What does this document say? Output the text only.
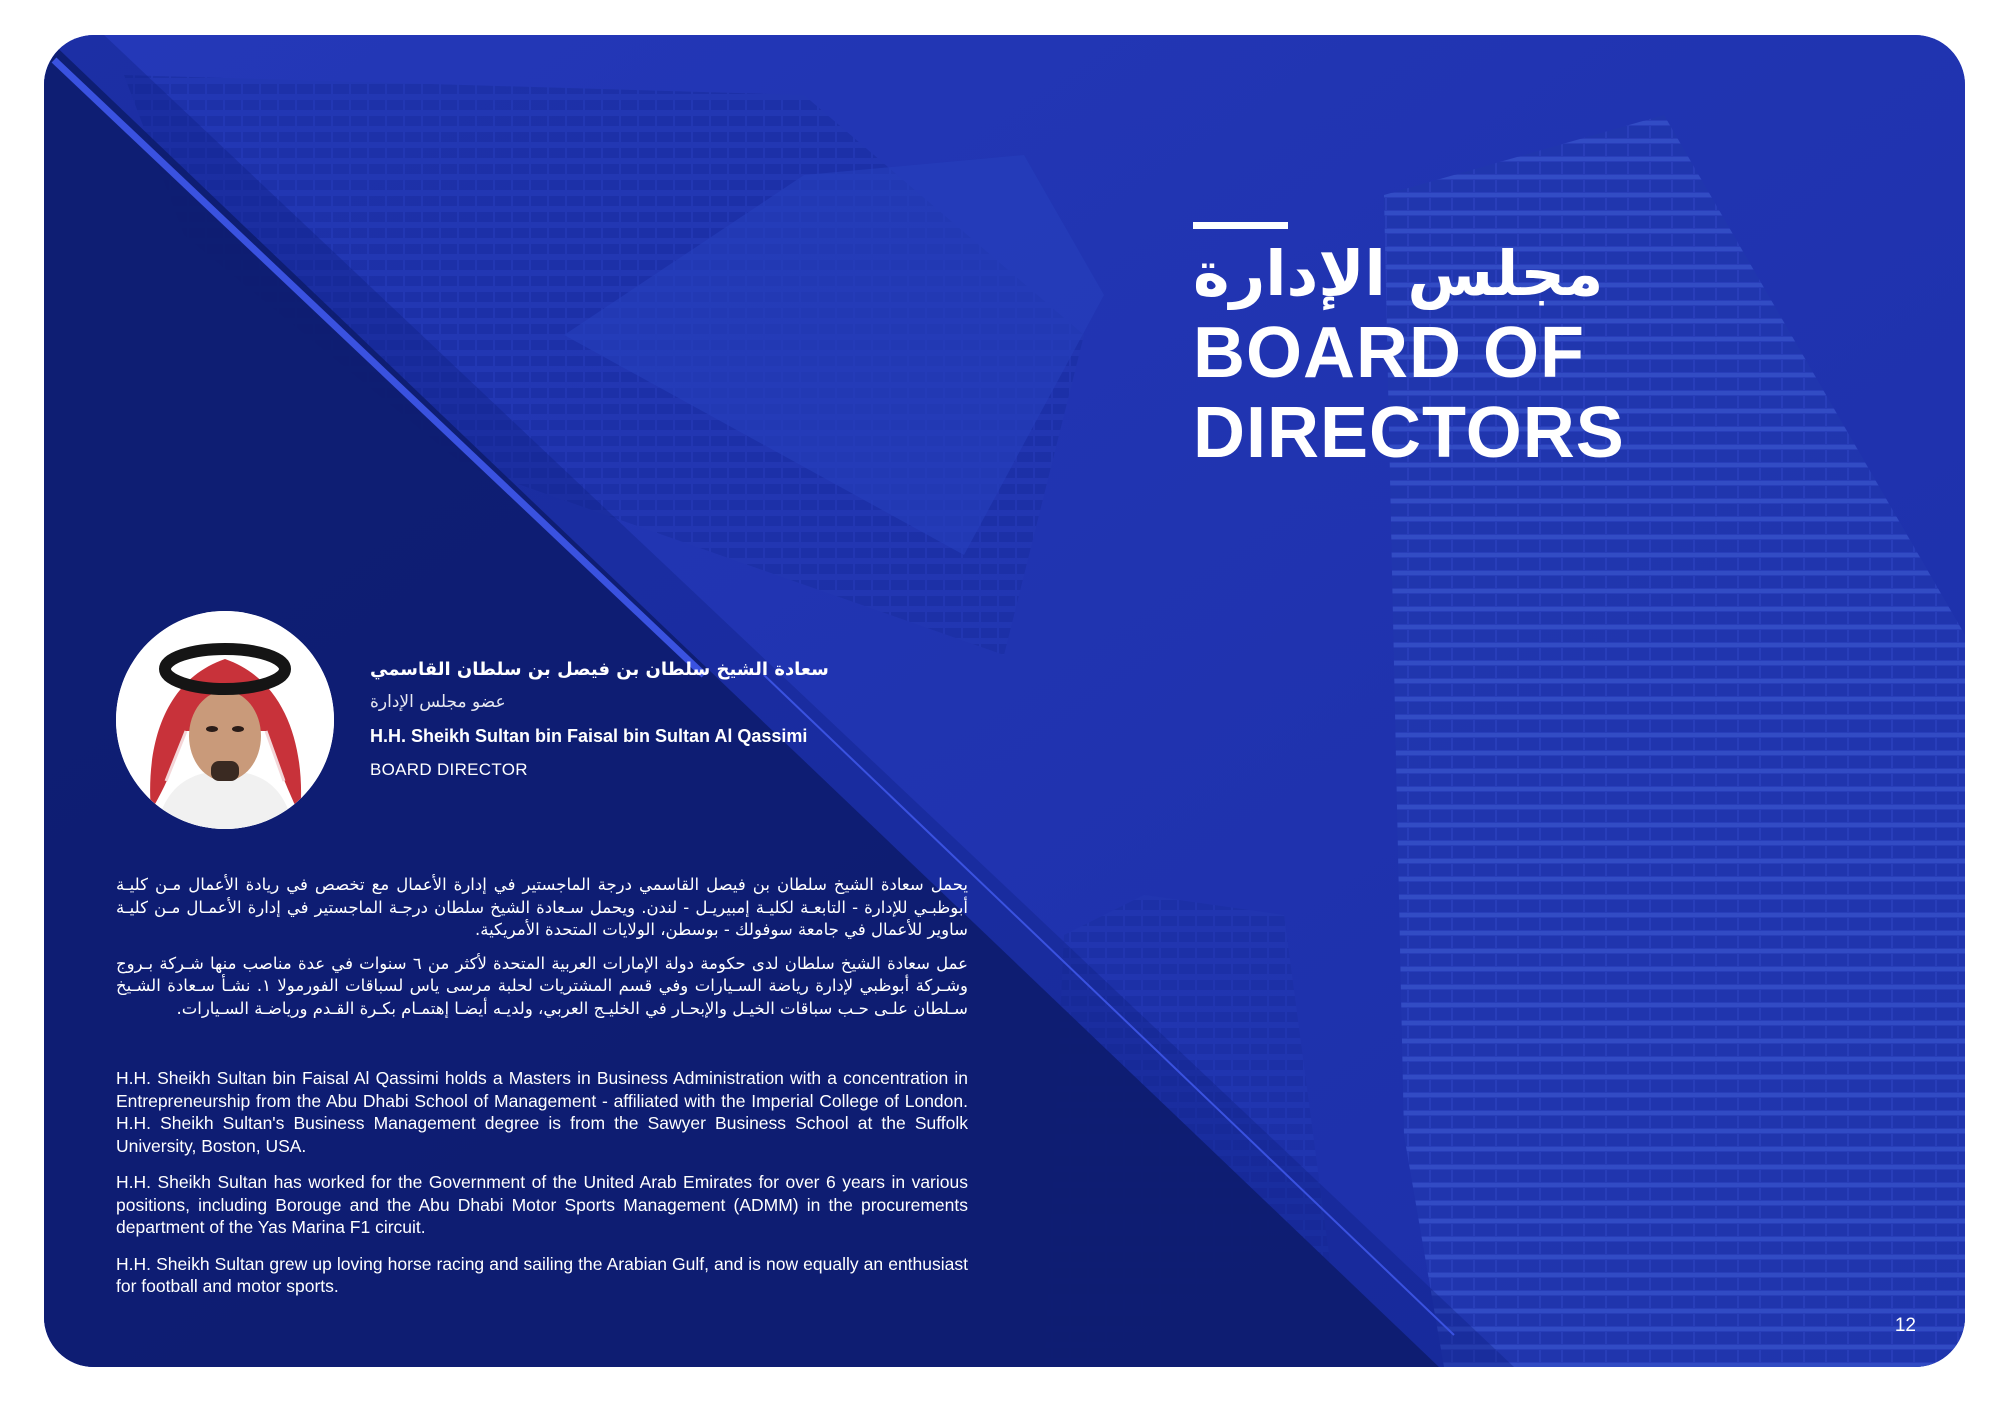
مجلس الإدارة
BOARD OF
DIRECTORS
سعادة الشيخ سلطان بن فيصل بن سلطان القاسمي
عضو مجلس الإدارة
H.H. Sheikh Sultan bin Faisal bin Sultan Al Qassimi
BOARD DIRECTOR

يحمل سعادة الشيخ سلطان بن فيصل القاسمي درجة الماجستير في إدارة الأعمال مع تخصص في ريادة الأعمال مـن كليـة أبوظبـي للإدارة - التابعـة لكليـة إمبيريـل - لندن. ويحمل سـعادة الشيخ سلطان درجـة الماجستير في إدارة الأعمـال مـن كليـة ساوير للأعمال في جامعة سوفولك - بوسطن، الولايات المتحدة الأمريكية.

عمل سعادة الشيخ سلطان لدى حكومة دولة الإمارات العربية المتحدة لأكثر من ٦ سنوات في عدة مناصب منها شـركة بـروج وشـركة أبوظبي لإدارة رياضة السـيارات وفي قسم المشتريات لحلبة مرسى ياس لسباقات الفورمولا ١. نشـأ سـعادة الشـيخ سـلطان علـى حـب سباقات الخيـل والإبحـار في الخليـج العربي، ولديـه أيضـا إهتمـام بكـرة القـدم ورياضـة السـيارات.

H.H. Sheikh Sultan bin Faisal Al Qassimi holds a Masters in Business Administration with a concentration in Entrepreneurship from the Abu Dhabi School of Management - affiliated with the Imperial College of London. H.H. Sheikh Sultan's Business Management degree is from the Sawyer Business School at the Suffolk University, Boston, USA.

H.H. Sheikh Sultan has worked for the Government of the United Arab Emirates for over 6 years in various positions, including Borouge and the Abu Dhabi Motor Sports Management (ADMM) in the procurements department of the Yas Marina F1 circuit.

H.H. Sheikh Sultan grew up loving horse racing and sailing the Arabian Gulf, and is now equally an enthusiast for football and motor sports.

12
